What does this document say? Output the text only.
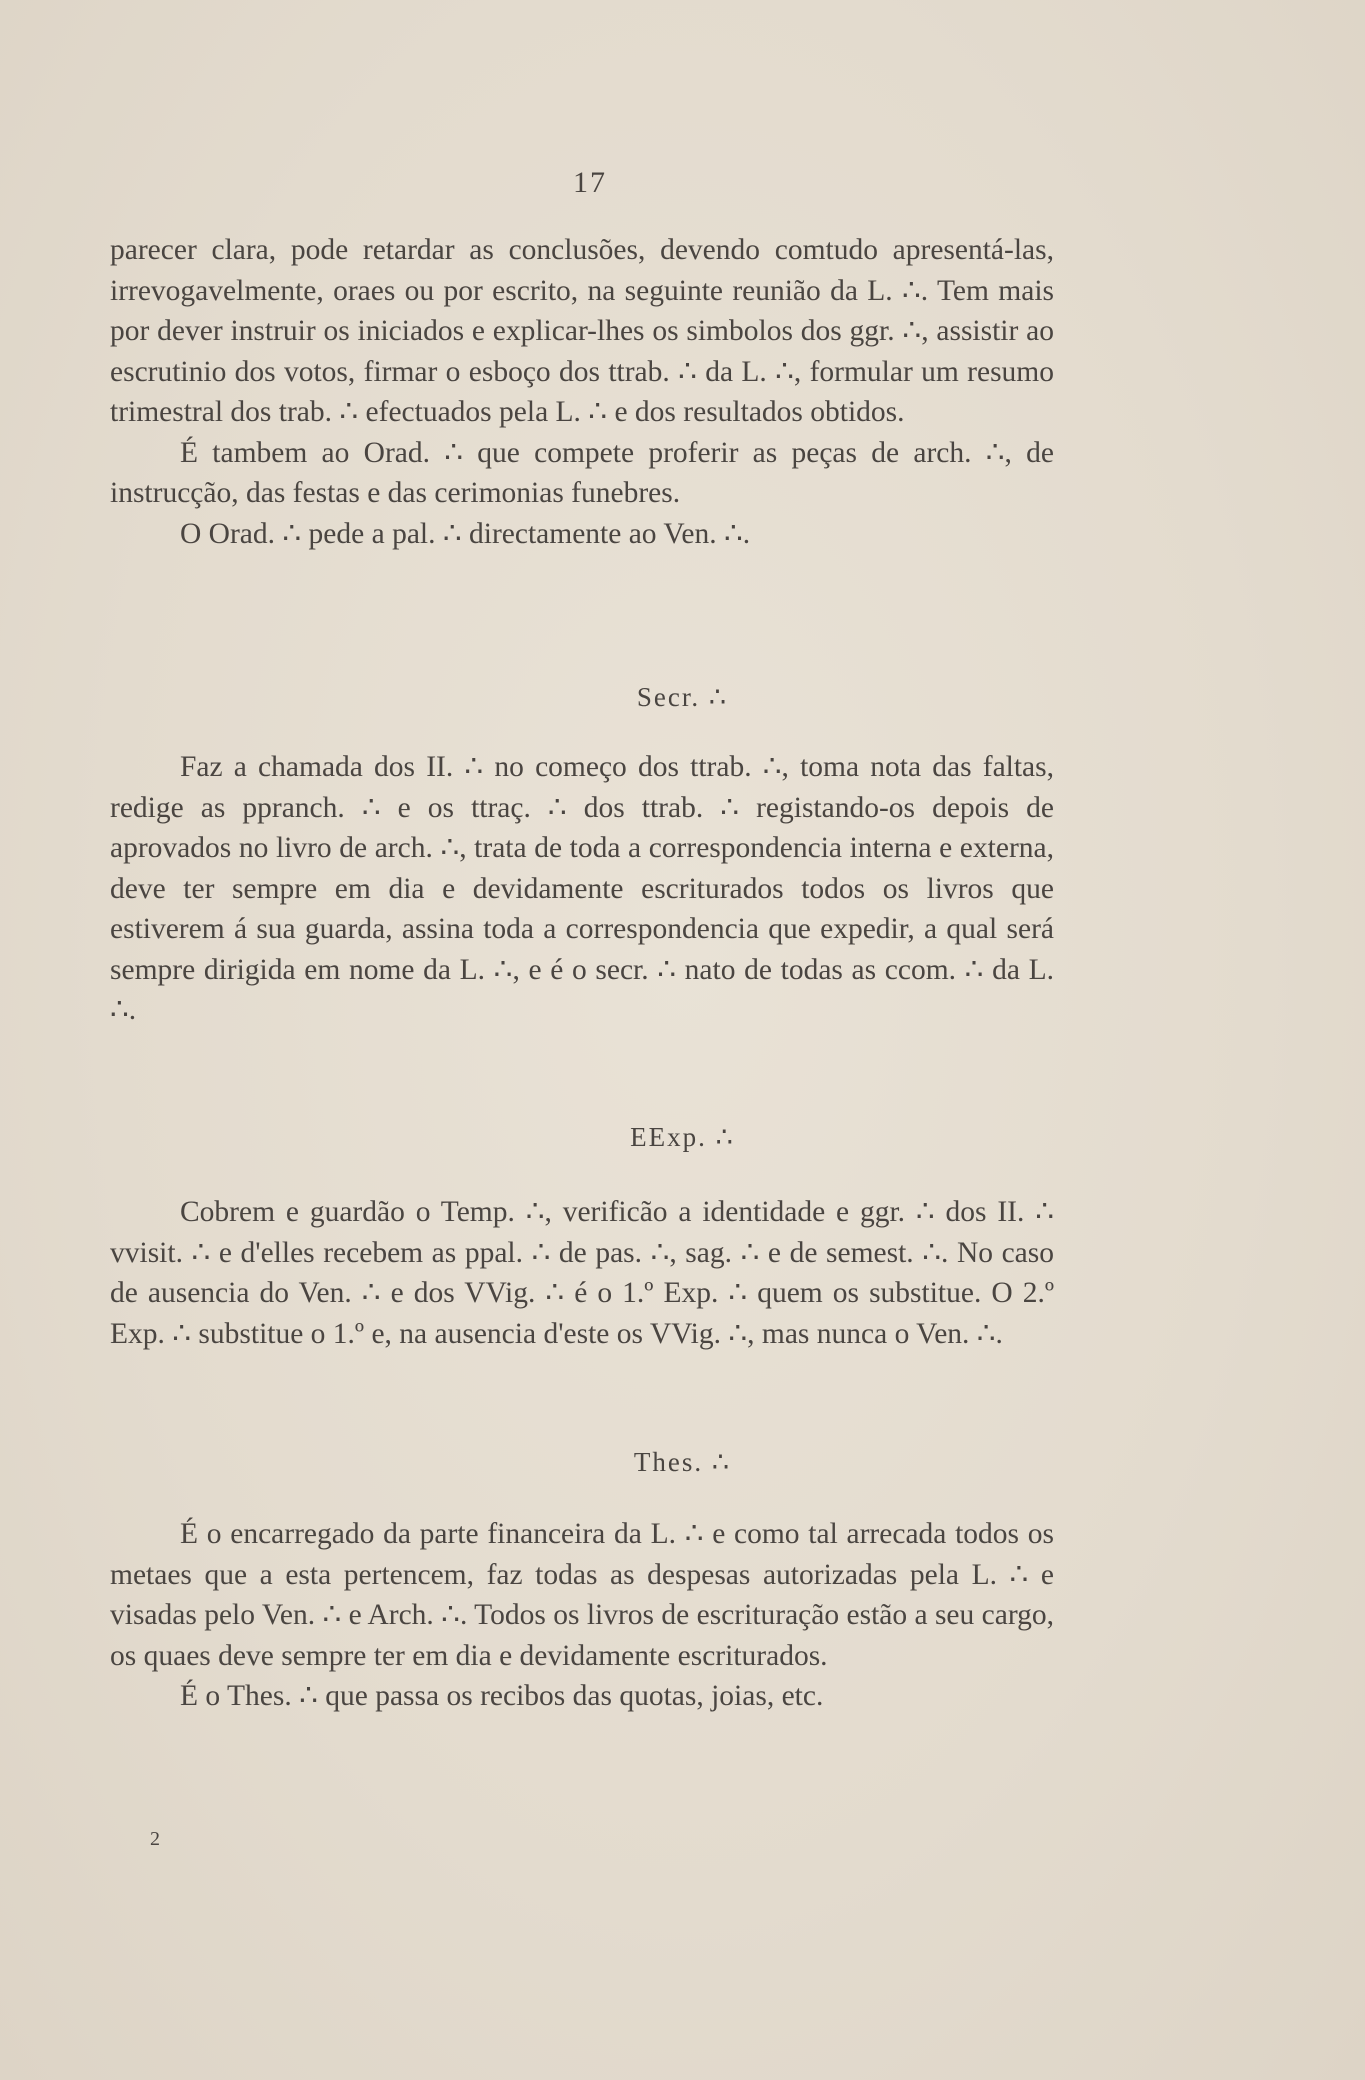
17

parecer clara, pode retardar as conclusões, devendo comtudo apresentá-las, irrevogavelmente, oraes ou por escrito, na seguinte reunião da L. ∴. Tem mais por dever instruir os iniciados e explicar-lhes os simbolos dos ggr. ∴, assistir ao escrutinio dos votos, firmar o esboço dos ttrab. ∴ da L. ∴, formular um resumo trimestral dos trab. ∴ efectuados pela L. ∴ e dos resultados obtidos.

É tambem ao Orad. ∴ que compete proferir as peças de arch. ∴, de instrucção, das festas e das cerimonias funebres.

O Orad. ∴ pede a pal. ∴ directamente ao Ven. ∴.

Secr. ∴

Faz a chamada dos II. ∴ no começo dos ttrab. ∴, toma nota das faltas, redige as ppranch. ∴ e os ttraç. ∴ dos ttrab. ∴ registando-os depois de aprovados no livro de arch. ∴, trata de toda a correspondencia interna e externa, deve ter sempre em dia e devidamente escriturados todos os livros que estiverem á sua guarda, assina toda a correspondencia que expedir, a qual será sempre dirigida em nome da L. ∴, e é o secr. ∴ nato de todas as ccom. ∴ da L. ∴.

EExp. ∴

Cobrem e guardão o Temp. ∴, verificão a identidade e ggr. ∴ dos II. ∴ vvisit. ∴ e d'elles recebem as ppal. ∴ de pas. ∴, sag. ∴ e de semest. ∴. No caso de ausencia do Ven. ∴ e dos VVig. ∴ é o 1.º Exp. ∴ quem os substitue. O 2.º Exp. ∴ substitue o 1.º e, na ausencia d'este os VVig. ∴, mas nunca o Ven. ∴.

Thes. ∴

É o encarregado da parte financeira da L. ∴ e como tal arrecada todos os metaes que a esta pertencem, faz todas as despesas autorizadas pela L. ∴ e visadas pelo Ven. ∴ e Arch. ∴. Todos os livros de escrituração estão a seu cargo, os quaes deve sempre ter em dia e devidamente escriturados.

É o Thes. ∴ que passa os recibos das quotas, joias, etc.

2
